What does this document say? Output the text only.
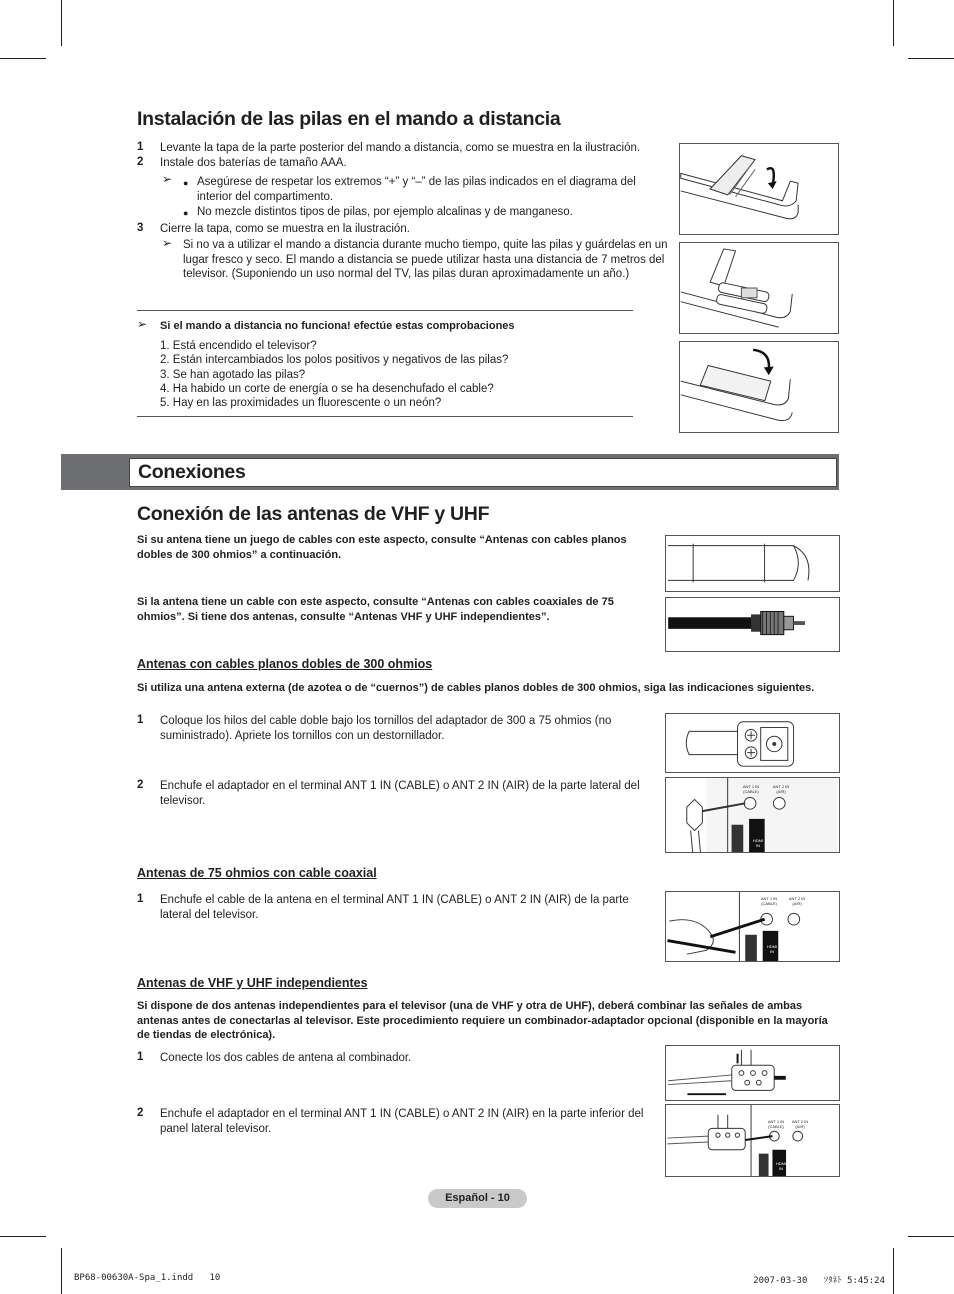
Instalación de las pilas en el mando a distancia
1 Levante la tapa de la parte posterior del mando a distancia, como se muestra en la ilustración.
2 Instale dos baterías de tamaño AAA.
➢ ● Asegúrese de respetar los extremos “+” y “–” de las pilas indicados en el diagrama del interior del compartimento.
● No mezcle distintos tipos de pilas, por ejemplo alcalinas y de manganeso.
3 Cierre la tapa, como se muestra en la ilustración.
➢ Si no va a utilizar el mando a distancia durante mucho tiempo, quite las pilas y guárdelas en un lugar fresco y seco. El mando a distancia se puede utilizar hasta una distancia de 7 metros del televisor. (Suponiendo un uso normal del TV, las pilas duran aproximadamente un año.)
➢ Si el mando a distancia no funciona! efectúe estas comprobaciones
1. Está encendido el televisor?
2. Están intercambiados los polos positivos y negativos de las pilas?
3. Se han agotado las pilas?
4. Ha habido un corte de energía o se ha desenchufado el cable?
5. Hay en las proximidades un fluorescente o un neón?
Conexiones
Conexión de las antenas de VHF y UHF
Si su antena tiene un juego de cables con este aspecto, consulte “Antenas con cables planos dobles de 300 ohmios” a continuación.
Si la antena tiene un cable con este aspecto, consulte “Antenas con cables coaxiales de 75 ohmios”. Si tiene dos antenas, consulte “Antenas VHF y UHF independientes”.
Antenas con cables planos dobles de 300 ohmios
Si utiliza una antena externa (de azotea o de “cuernos”) de cables planos dobles de 300 ohmios, siga las indicaciones siguientes.
1 Coloque los hilos del cable doble bajo los tornillos del adaptador de 300 a 75 ohmios (no suministrado). Apriete los tornillos con un destornillador.
2 Enchufe el adaptador en el terminal ANT 1 IN (CABLE) o ANT 2 IN (AIR) de la parte lateral del televisor.
ANT 1 IN (CABLE)
ANT 2 IN (AIR)
HDMI IN
Antenas de 75 ohmios con cable coaxial
1 Enchufe el cable de la antena en el terminal ANT 1 IN (CABLE) o ANT 2 IN (AIR) de la parte lateral del televisor.
ANT 1 IN (CABLE)
ANT 2 IN (AIR)
HDMI IN
Antenas de VHF y UHF independientes
Si dispone de dos antenas independientes para el televisor (una de VHF y otra de UHF), deberá combinar las señales de ambas antenas antes de conectarlas al televisor. Este procedimiento requiere un combinador-adaptador opcional (disponible en la mayoría de tiendas de electrónica).
1 Conecte los dos cables de antena al combinador.
2 Enchufe el adaptador en el terminal ANT 1 IN (CABLE) o ANT 2 IN (AIR) en la parte inferior del panel lateral televisor.
ANT 1 IN (CABLE)
ANT 2 IN (AIR)
HDMI IN
Español - 10
BP68-00630A-Spa_1.indd   10	2007-03-30   ｿﾀﾈﾄ 5:45:24
